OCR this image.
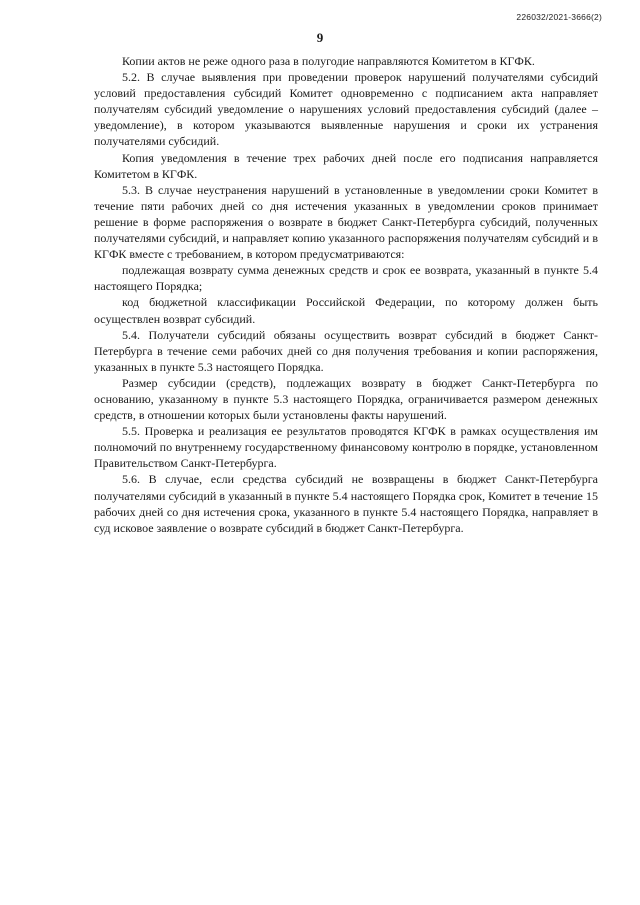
226032/2021-3666(2)
9

Копии актов не реже одного раза в полугодие направляются Комитетом в КГФК.

5.2. В случае выявления при проведении проверок нарушений получателями субсидий условий предоставления субсидий Комитет одновременно с подписанием акта направляет получателям субсидий уведомление о нарушениях условий предоставления субсидий (далее – уведомление), в котором указываются выявленные нарушения и сроки их устранения получателями субсидий.

Копия уведомления в течение трех рабочих дней после его подписания направляется Комитетом в КГФК.

5.3. В случае неустранения нарушений в установленные в уведомлении сроки Комитет в течение пяти рабочих дней со дня истечения указанных в уведомлении сроков принимает решение в форме распоряжения о возврате в бюджет Санкт-Петербурга субсидий, полученных получателями субсидий, и направляет копию указанного распоряжения получателям субсидий и в КГФК вместе с требованием, в котором предусматриваются:

подлежащая возврату сумма денежных средств и срок ее возврата, указанный в пункте 5.4 настоящего Порядка;

код бюджетной классификации Российской Федерации, по которому должен быть осуществлен возврат субсидий.

5.4. Получатели субсидий обязаны осуществить возврат субсидий в бюджет Санкт-Петербурга в течение семи рабочих дней со дня получения требования и копии распоряжения, указанных в пункте 5.3 настоящего Порядка.

Размер субсидии (средств), подлежащих возврату в бюджет Санкт-Петербурга по основанию, указанному в пункте 5.3 настоящего Порядка, ограничивается размером денежных средств, в отношении которых были установлены факты нарушений.

5.5. Проверка и реализация ее результатов проводятся КГФК в рамках осуществления им полномочий по внутреннему государственному финансовому контролю в порядке, установленном Правительством Санкт-Петербурга.

5.6. В случае, если средства субсидий не возвращены в бюджет Санкт-Петербурга получателями субсидий в указанный в пункте 5.4 настоящего Порядка срок, Комитет в течение 15 рабочих дней со дня истечения срока, указанного в пункте 5.4 настоящего Порядка, направляет в суд исковое заявление о возврате субсидий в бюджет Санкт-Петербурга.
